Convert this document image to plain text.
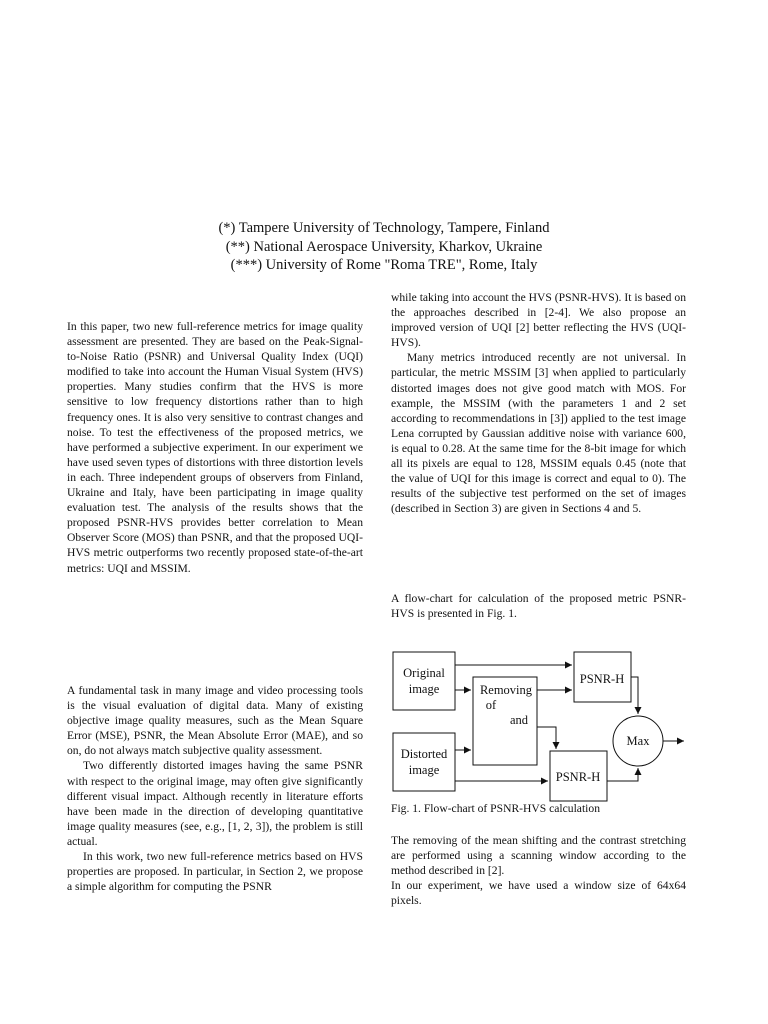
(*) Tampere University of Technology, Tampere, Finland
(**) National Aerospace University, Kharkov, Ukraine
(***) University of Rome "Roma TRE", Rome, Italy

In this paper, two new full-reference metrics for image quality assessment are presented. They are based on the Peak-Signal-to-Noise Ratio (PSNR) and Universal Quality Index (UQI) modified to take into account the Human Visual System (HVS) properties. Many studies confirm that the HVS is more sensitive to low frequency distortions rather than to high frequency ones. It is also very sensitive to contrast changes and noise. To test the effectiveness of the proposed metrics, we have performed a subjective experiment. In our experiment we have used seven types of distortions with three distortion levels in each. Three independent groups of observers from Finland, Ukraine and Italy, have been participating in image quality evaluation test. The analysis of the results shows that the proposed PSNR-HVS provides better correlation to Mean Observer Score (MOS) than PSNR, and that the proposed UQI-HVS metric outperforms two recently proposed state-of-the-art metrics: UQI and MSSIM.

A fundamental task in many image and video processing tools is the visual evaluation of digital data. Many of existing objective image quality measures, such as the Mean Square Error (MSE), PSNR, the Mean Absolute Error (MAE), and so on, do not always match subjective quality assessment.

Two differently distorted images having the same PSNR with respect to the original image, may often give significantly different visual impact. Although recently in literature efforts have been made in the direction of developing quantitative image quality measures (see, e.g., [1, 2, 3]), the problem is still actual.

In this work, two new full-reference metrics based on HVS properties are proposed. In particular, in Section 2, we propose a simple algorithm for computing the PSNR

while taking into account the HVS (PSNR-HVS). It is based on the approaches described in [2-4]. We also propose an improved version of UQI [2] better reflecting the HVS (UQI-HVS).

Many metrics introduced recently are not universal. In particular, the metric MSSIM [3] when applied to particularly distorted images does not give good match with MOS. For example, the MSSIM (with the parameters 1 and 2 set according to recommendations in [3]) applied to the test image Lena corrupted by Gaussian additive noise with variance 600, is equal to 0.28. At the same time for the 8-bit image for which all its pixels are equal to 128, MSSIM equals 0.45 (note that the value of UQI for this image is correct and equal to 0). The results of the subjective test performed on the set of images (described in Section 3) are given in Sections 4 and 5.

A flow-chart for calculation of the proposed metric PSNR-HVS is presented in Fig. 1.

Original
image
Distorted
image
Removing
of
and
PSNR-H
PSNR-H
Max
Fig. 1. Flow-chart of PSNR-HVS calculation

The removing of the mean shifting and the contrast stretching are performed using a scanning window according to the method described in [2].

In our experiment, we have used a window size of 64x64 pixels.
